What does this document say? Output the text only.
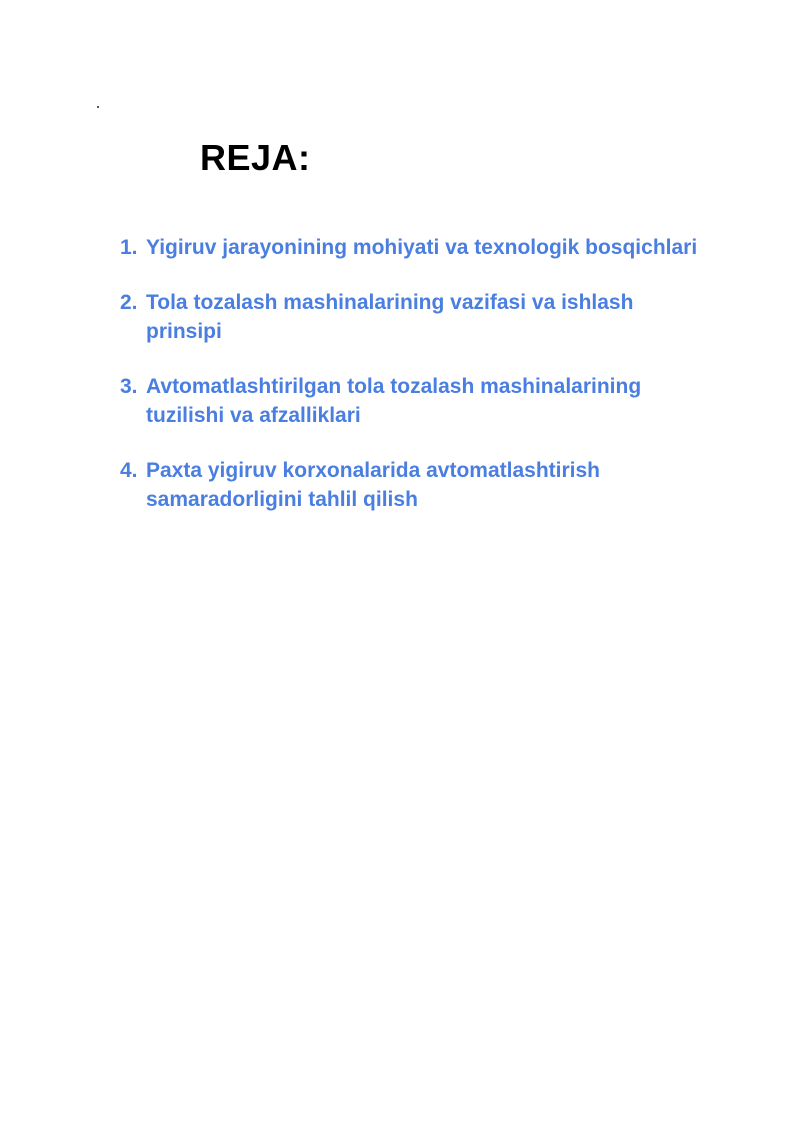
REJA:
1. Yigiruv jarayonining mohiyati va texnologik bosqichlari
2. Tola tozalash mashinalarining vazifasi va ishlash prinsipi
3. Avtomatlashtirilgan tola tozalash mashinalarining tuzilishi va afzalliklari
4. Paxta yigiruv korxonalarida avtomatlashtirish samaradorligini tahlil qilish
